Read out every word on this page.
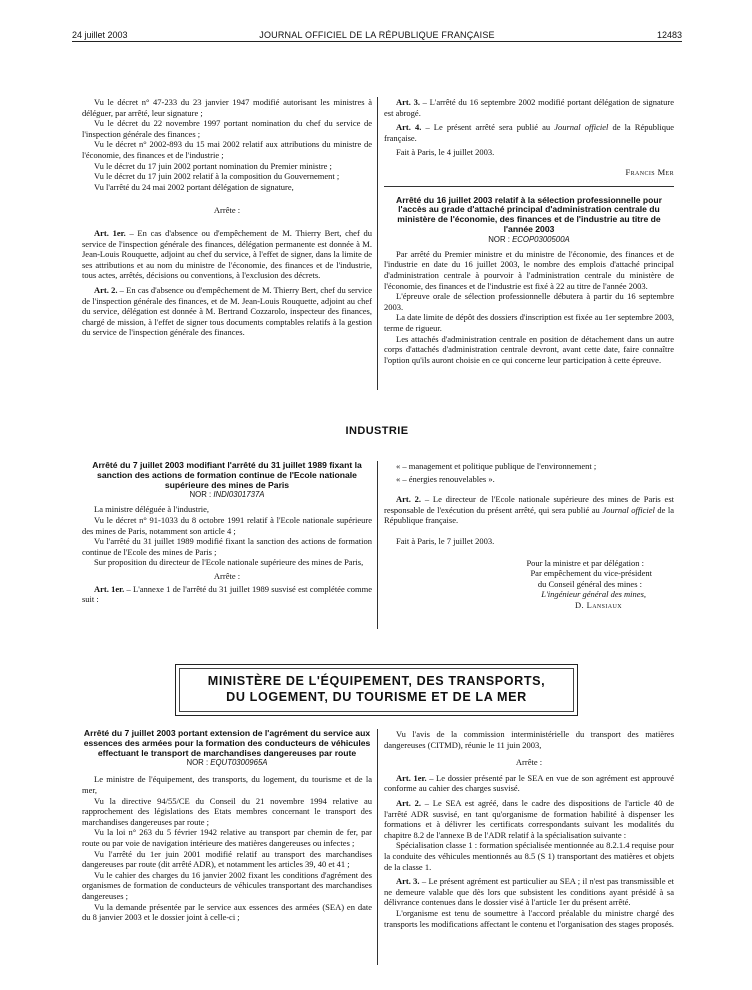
24 juillet 2003	JOURNAL OFFICIEL DE LA RÉPUBLIQUE FRANÇAISE	12483

Vu le décret n° 47-233 du 23 janvier 1947 modifié autorisant les ministres à déléguer, par arrêté, leur signature ;

Vu le décret du 22 novembre 1997 portant nomination du chef du service de l'inspection générale des finances ;

Vu le décret n° 2002-893 du 15 mai 2002 relatif aux attributions du ministre de l'économie, des finances et de l'industrie ;

Vu le décret du 17 juin 2002 portant nomination du Premier ministre ;

Vu le décret du 17 juin 2002 relatif à la composition du Gouvernement ;

Vu l'arrêté du 24 mai 2002 portant délégation de signature,

Arrête :

Art. 1er. – En cas d'absence ou d'empêchement de M. Thierry Bert, chef du service de l'inspection générale des finances, délégation permanente est donnée à M. Jean-Louis Rouquette, adjoint au chef du service, à l'effet de signer, dans la limite de ses attributions et au nom du ministre de l'économie, des finances et de l'industrie, tous actes, arrêtés, décisions ou conventions, à l'exclusion des décrets.

Art. 2. – En cas d'absence ou d'empêchement de M. Thierry Bert, chef du service de l'inspection générale des finances, et de M. Jean-Louis Rouquette, adjoint au chef du service, délégation est donnée à M. Bertrand Cozzarolo, inspecteur des finances, chargé de mission, à l'effet de signer tous documents comptables relatifs à la gestion du service de l'inspection générale des finances.

Art. 3. – L'arrêté du 16 septembre 2002 modifié portant délégation de signature est abrogé.

Art. 4. – Le présent arrêté sera publié au Journal officiel de la République française.

Fait à Paris, le 4 juillet 2003.

Francis Mer

Arrêté du 16 juillet 2003 relatif à la sélection professionnelle pour l'accès au grade d'attaché principal d'administration centrale du ministère de l'économie, des finances et de l'industrie au titre de l'année 2003
NOR : ECOP0300500A

Par arrêté du Premier ministre et du ministre de l'économie, des finances et de l'industrie en date du 16 juillet 2003, le nombre des emplois d'attaché principal d'administration centrale à pourvoir à l'administration centrale du ministère de l'économie, des finances et de l'industrie est fixé à 22 au titre de l'année 2003.

L'épreuve orale de sélection professionnelle débutera à partir du 16 septembre 2003.

La date limite de dépôt des dossiers d'inscription est fixée au 1er septembre 2003, terme de rigueur.

Les attachés d'administration centrale en position de détachement dans un autre corps d'attachés d'administration centrale devront, avant cette date, faire connaître l'option qu'ils auront choisie en ce qui concerne leur participation à cette épreuve.

INDUSTRIE
Arrêté du 7 juillet 2003 modifiant l'arrêté du 31 juillet 1989 fixant la sanction des actions de formation continue de l'Ecole nationale supérieure des mines de Paris
NOR : INDI0301737A

La ministre déléguée à l'industrie,

Vu le décret n° 91-1033 du 8 octobre 1991 relatif à l'Ecole nationale supérieure des mines de Paris, notamment son article 4 ;

Vu l'arrêté du 31 juillet 1989 modifié fixant la sanction des actions de formation continue de l'Ecole des mines de Paris ;

Sur proposition du directeur de l'Ecole nationale supérieure des mines de Paris,

Arrête :

Art. 1er. – L'annexe 1 de l'arrêté du 31 juillet 1989 susvisé est complétée comme suit :

« – management et politique publique de l'environnement ;

« – énergies renouvelables ».

Art. 2. – Le directeur de l'Ecole nationale supérieure des mines de Paris est responsable de l'exécution du présent arrêté, qui sera publié au Journal officiel de la République française.

Fait à Paris, le 7 juillet 2003.

Pour la ministre et par délégation :

Par empêchement du vice-président

du Conseil général des mines :

L'ingénieur général des mines,

D. Lansiaux

MINISTÈRE DE L'ÉQUIPEMENT, DES TRANSPORTS,
DU LOGEMENT, DU TOURISME ET DE LA MER
Arrêté du 7 juillet 2003 portant extension de l'agrément du service aux essences des armées pour la formation des conducteurs de véhicules effectuant le transport de marchandises dangereuses par route
NOR : EQUT0300965A

Le ministre de l'équipement, des transports, du logement, du tourisme et de la mer,

Vu la directive 94/55/CE du Conseil du 21 novembre 1994 relative au rapprochement des législations des Etats membres concernant le transport des marchandises dangereuses par route ;

Vu la loi n° 263 du 5 février 1942 relative au transport par chemin de fer, par route ou par voie de navigation intérieure des matières dangereuses ou infectes ;

Vu l'arrêté du 1er juin 2001 modifié relatif au transport des marchandises dangereuses par route (dit arrêté ADR), et notamment les articles 39, 40 et 41 ;

Vu le cahier des charges du 16 janvier 2002 fixant les conditions d'agrément des organismes de formation de conducteurs de véhicules transportant des marchandises dangereuses ;

Vu la demande présentée par le service aux essences des armées (SEA) en date du 8 janvier 2003 et le dossier joint à celle-ci ;

Vu l'avis de la commission interministérielle du transport des matières dangereuses (CITMD), réunie le 11 juin 2003,

Arrête :

Art. 1er. – Le dossier présenté par le SEA en vue de son agrément est approuvé conforme au cahier des charges susvisé.

Art. 2. – Le SEA est agréé, dans le cadre des dispositions de l'article 40 de l'arrêté ADR susvisé, en tant qu'organisme de formation habilité à dispenser les formations et à délivrer les certificats correspondants suivant les modalités du chapitre 8.2 de l'annexe B de l'ADR relatif à la spécialisation suivante :

Spécialisation classe 1 : formation spécialisée mentionnée au 8.2.1.4 requise pour la conduite des véhicules mentionnés au 8.5 (S 1) transportant des matières et objets de la classe 1.

Art. 3. – Le présent agrément est particulier au SEA ; il n'est pas transmissible et ne demeure valable que dès lors que subsistent les conditions ayant présidé à sa délivrance contenues dans le dossier visé à l'article 1er du présent arrêté.

L'organisme est tenu de soumettre à l'accord préalable du ministre chargé des transports les modifications affectant le contenu et l'organisation des stages proposés.
